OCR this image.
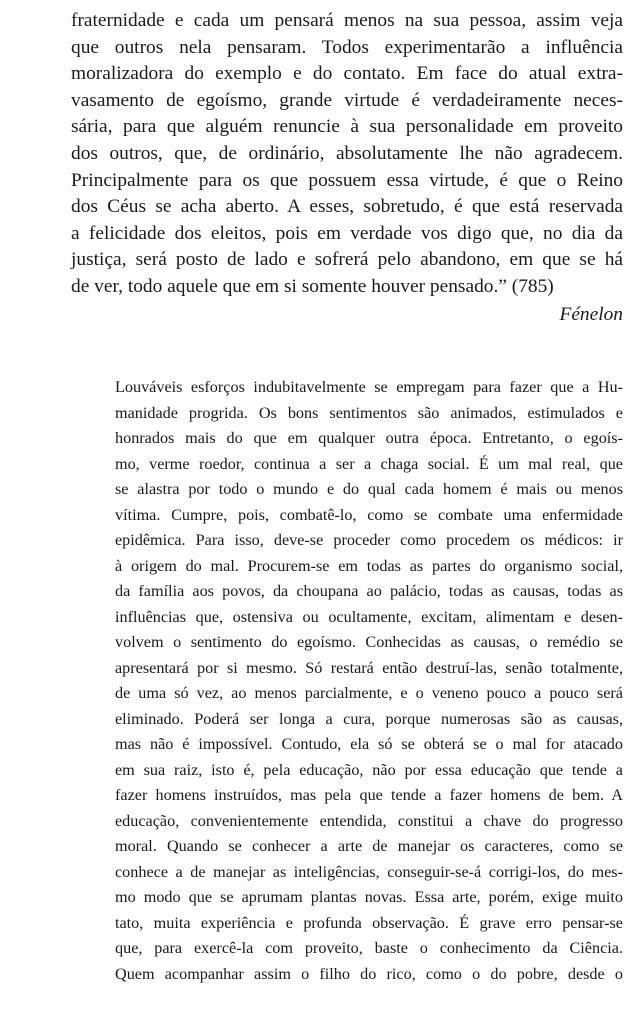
fraternidade e cada um pensará menos na sua pessoa, assim veja
que outros nela pensaram. Todos experimentarão a influência
moralizadora do exemplo e do contato. Em face do atual extra-
vasamento de egoísmo, grande virtude é verdadeiramente neces-
sária, para que alguém renuncie à sua personalidade em proveito
dos outros, que, de ordinário, absolutamente lhe não agradecem.
Principalmente para os que possuem essa virtude, é que o Reino
dos Céus se acha aberto. A esses, sobretudo, é que está reservada
a felicidade dos eleitos, pois em verdade vos digo que, no dia da
justiça, será posto de lado e sofrerá pelo abandono, em que se há
de ver, todo aquele que em si somente houver pensado.” (785)
Fénelon
Louváveis esforços indubitavelmente se empregam para fazer que a Hu-
manidade progrida. Os bons sentimentos são animados, estimulados e
honrados mais do que em qualquer outra época. Entretanto, o egoís-
mo, verme roedor, continua a ser a chaga social. É um mal real, que
se alastra por todo o mundo e do qual cada homem é mais ou menos
vítima. Cumpre, pois, combatê-lo, como se combate uma enfermidade
epidêmica. Para isso, deve-se proceder como procedem os médicos: ir
à origem do mal. Procurem-se em todas as partes do organismo social,
da família aos povos, da choupana ao palácio, todas as causas, todas as
influências que, ostensiva ou ocultamente, excitam, alimentam e desen-
volvem o sentimento do egoísmo. Conhecidas as causas, o remédio se
apresentará por si mesmo. Só restará então destruí-las, senão totalmente,
de uma só vez, ao menos parcialmente, e o veneno pouco a pouco será
eliminado. Poderá ser longa a cura, porque numerosas são as causas,
mas não é impossível. Contudo, ela só se obterá se o mal for atacado
em sua raiz, isto é, pela educação, não por essa educação que tende a
fazer homens instruídos, mas pela que tende a fazer homens de bem. A
educação, convenientemente entendida, constitui a chave do progresso
moral. Quando se conhecer a arte de manejar os caracteres, como se
conhece a de manejar as inteligências, conseguir-se-á corrigi-los, do mes-
mo modo que se aprumam plantas novas. Essa arte, porém, exige muito
tato, muita experiência e profunda observação. É grave erro pensar-se
que, para exercê-la com proveito, baste o conhecimento da Ciência.
Quem acompanhar assim o filho do rico, como o do pobre, desde o
